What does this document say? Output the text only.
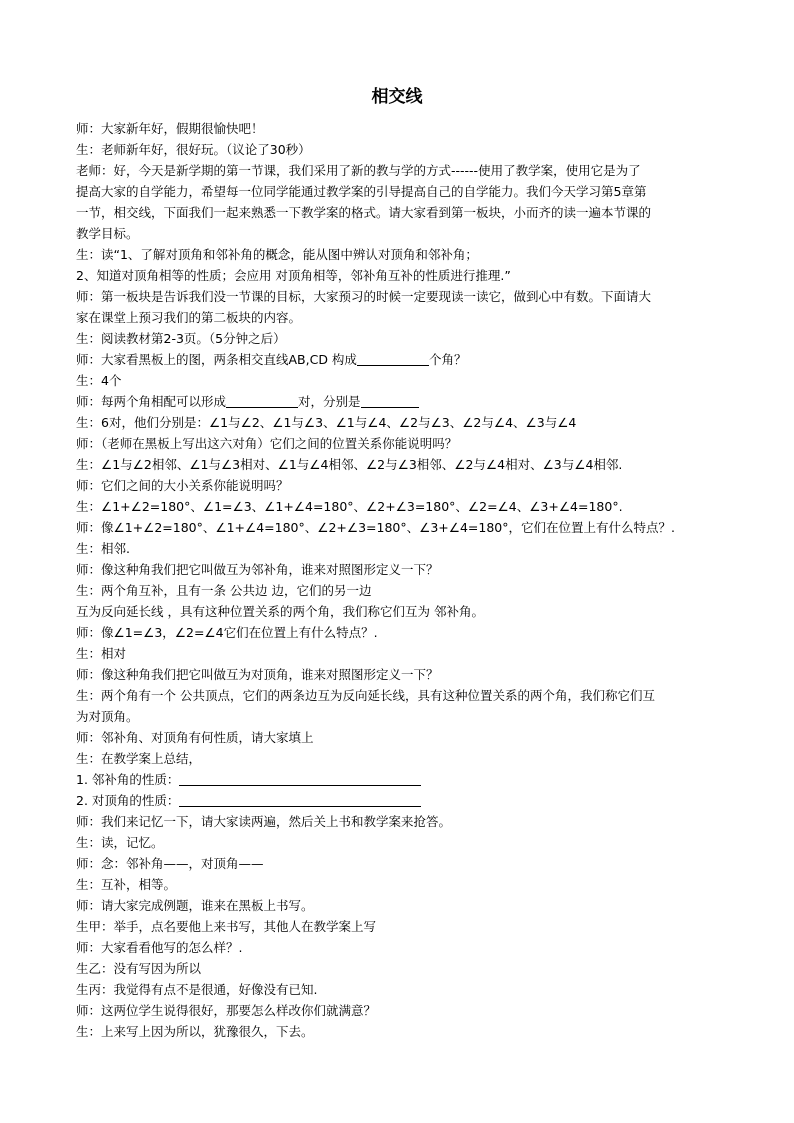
相交线
师：大家新年好，假期很愉快吧！
生：老师新年好，很好玩。（议论了30秒）
老师：好，今天是新学期的第一节课，我们采用了新的教与学的方式------使用了教学案，使用它是为了
提高大家的自学能力，希望每一位同学能通过教学案的引导提高自己的自学能力。我们今天学习第5章第
一节，相交线，下面我们一起来熟悉一下教学案的格式。请大家看到第一板块，小而齐的读一遍本节课的
教学目标。
生：读“1、了解对顶角和邻补角的概念，能从图中辨认对顶角和邻补角；
2、知道对顶角相等的性质；会应用 对顶角相等，邻补角互补的性质进行推理.”
师：第一板块是告诉我们没一节课的目标，大家预习的时候一定要现读一读它，做到心中有数。下面请大
家在课堂上预习我们的第二板块的内容。
生：阅读教材第2-3页。（5分钟之后）
师：大家看黑板上的图，两条相交直线AB,CD 构成	个角？
生：4个
师：每两个角相配可以形成	对，分别是
生：6对，他们分别是：∠1与∠2、∠1与∠3、∠1与∠4、∠2与∠3、∠2与∠4、∠3与∠4
师：（老师在黑板上写出这六对角）它们之间的位置关系你能说明吗？
生：∠1与∠2相邻、∠1与∠3相对、∠1与∠4相邻、∠2与∠3相邻、∠2与∠4相对、∠3与∠4相邻.
师：它们之间的大小关系你能说明吗？
生：∠1+∠2=180°、∠1=∠3、∠1+∠4=180°、∠2+∠3=180°、∠2=∠4、∠3+∠4=180°.
师：像∠1+∠2=180°、∠1+∠4=180°、∠2+∠3=180°、∠3+∠4=180°，它们在位置上有什么特点？.
生：相邻.
师：像这种角我们把它叫做互为邻补角，谁来对照图形定义一下？
生：两个角互补，且有一条 公共边 边，它们的另一边
互为反向延长线 ，具有这种位置关系的两个角，我们称它们互为 邻补角。
师：像∠1=∠3，∠2=∠4它们在位置上有什么特点？.
生：相对
师：像这种角我们把它叫做互为对顶角，谁来对照图形定义一下？
生：两个角有一个 公共顶点，它们的两条边互为反向延长线，具有这种位置关系的两个角，我们称它们互
为对顶角。
师：邻补角、对顶角有何性质，请大家填上
生：在教学案上总结，
1. 邻补角的性质：
2. 对顶角的性质：
师：我们来记忆一下，请大家读两遍，然后关上书和教学案来抢答。
生：读，记忆。
师：念：邻补角——，对顶角——
生：互补，相等。
师：请大家完成例题，谁来在黑板上书写。
生甲：举手，点名要他上来书写，其他人在教学案上写
师：大家看看他写的怎么样？.
生乙：没有写因为所以
生丙：我觉得有点不是很通，好像没有已知.
师：这两位学生说得很好，那要怎么样改你们就满意？
生：上来写上因为所以，犹豫很久，下去。
